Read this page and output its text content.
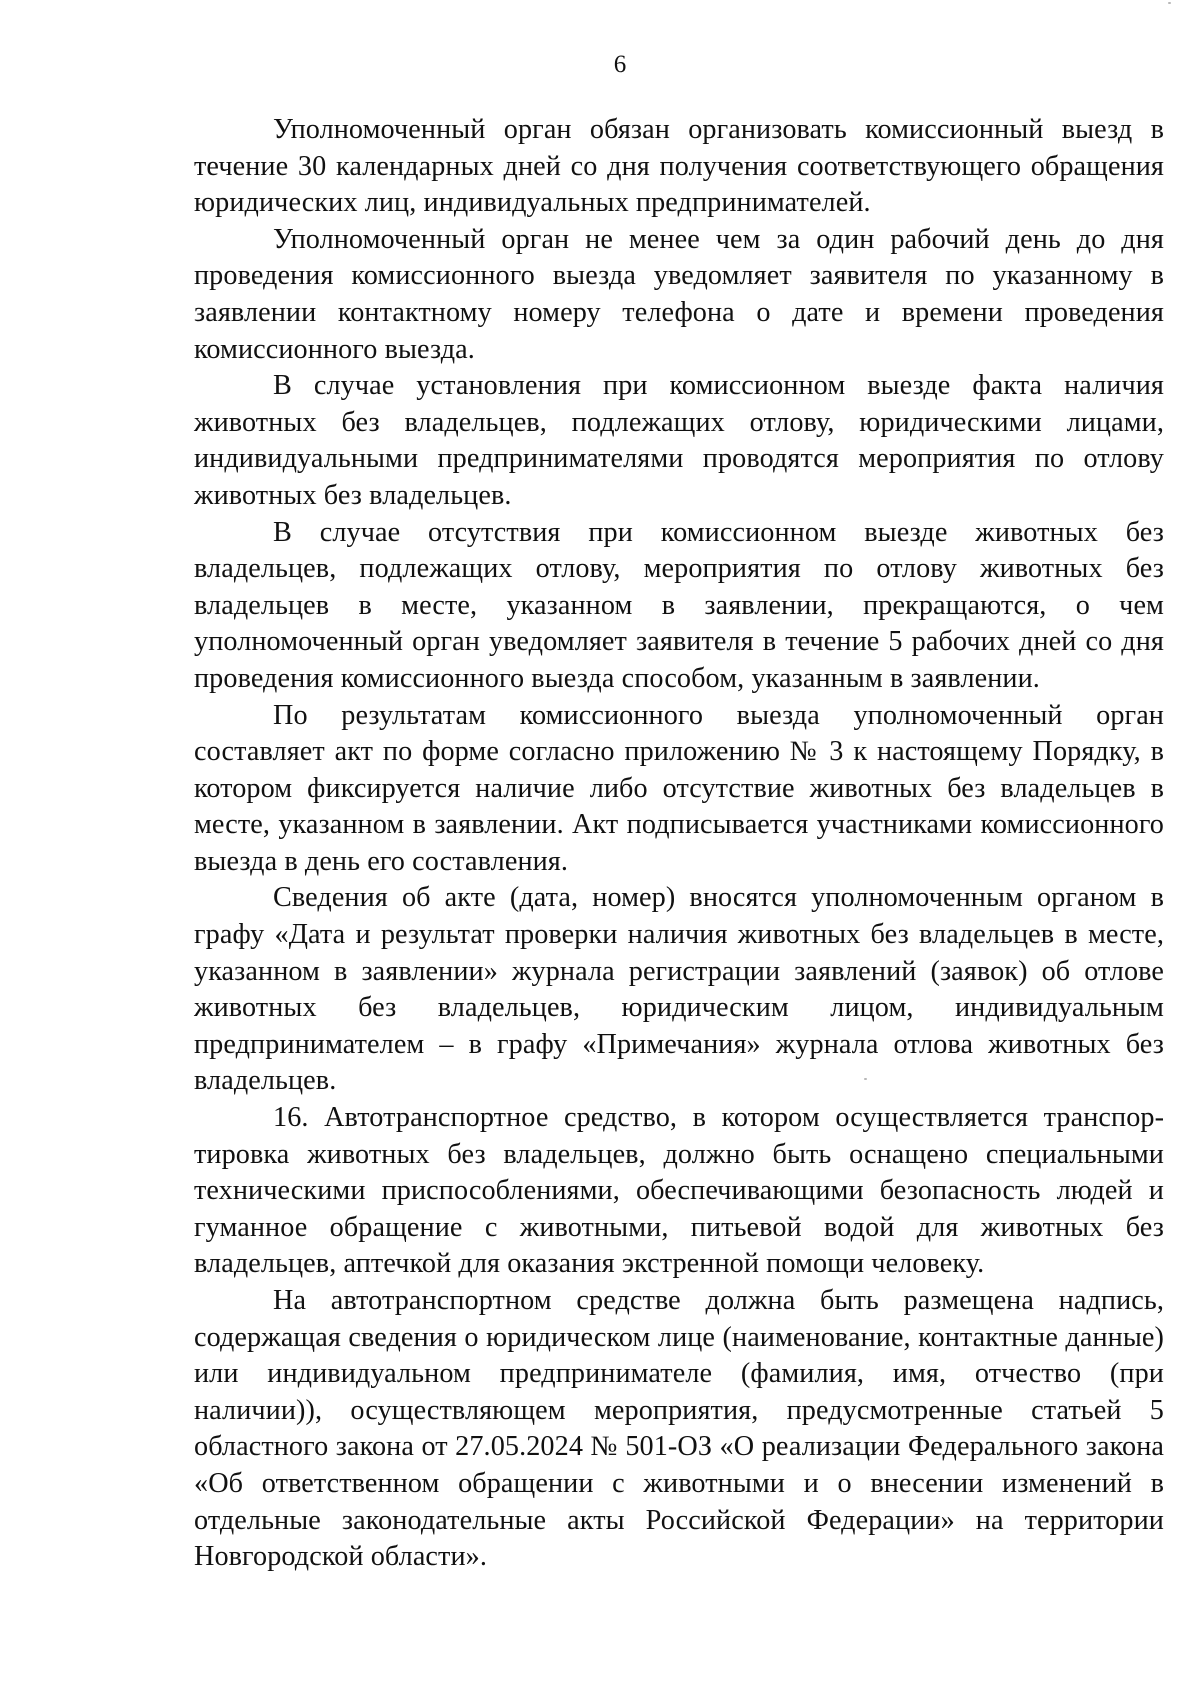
6

Уполномоченный орган обязан организовать комиссионный выезд в течение 30 календарных дней со дня получения соответствующего обращения юридических лиц, индивидуальных предпринимателей.

Уполномоченный орган не менее чем за один рабочий день до дня проведения комиссионного выезда уведомляет заявителя по указанному в заявлении контактному номеру телефона о дате и времени проведения комиссионного выезда.

В случае установления при комиссионном выезде факта наличия животных без владельцев, подлежащих отлову, юридическими лицами, индивидуальными предпринимателями проводятся мероприятия по отлову животных без владельцев.

В случае отсутствия при комиссионном выезде животных без владельцев, подлежащих отлову, мероприятия по отлову животных без владельцев в месте, указанном в заявлении, прекращаются, о чем уполномоченный орган уведомляет заявителя в течение 5 рабочих дней со дня проведения комиссионного выезда способом, указанным в заявлении.

По результатам комиссионного выезда уполномоченный орган составляет акт по форме согласно приложению № 3 к настоящему Порядку, в котором фиксируется наличие либо отсутствие животных без владельцев в месте, указанном в заявлении. Акт подписывается участниками комиссионного выезда в день его составления.

Сведения об акте (дата, номер) вносятся уполномоченным органом в графу «Дата и результат проверки наличия животных без владельцев в месте, указанном в заявлении» журнала регистрации заявлений (заявок) об отлове животных без владельцев, юридическим лицом, индивидуальным предпринимателем – в графу «Примечания» журнала отлова животных без владельцев.

16. Автотранспортное средство, в котором осуществляется транспортировка животных без владельцев, должно быть оснащено специальными техническими приспособлениями, обеспечивающими безопасность людей и гуманное обращение с животными, питьевой водой для животных без владельцев, аптечкой для оказания экстренной помощи человеку.

На автотранспортном средстве должна быть размещена надпись, содержащая сведения о юридическом лице (наименование, контактные данные) или индивидуальном предпринимателе (фамилия, имя, отчество (при наличии)), осуществляющем мероприятия, предусмотренные статьей 5 областного закона от 27.05.2024 № 501-ОЗ «О реализации Федерального закона «Об ответственном обращении с животными и о внесении изменений в отдельные законодательные акты Российской Федерации» на территории Новгородской области».
